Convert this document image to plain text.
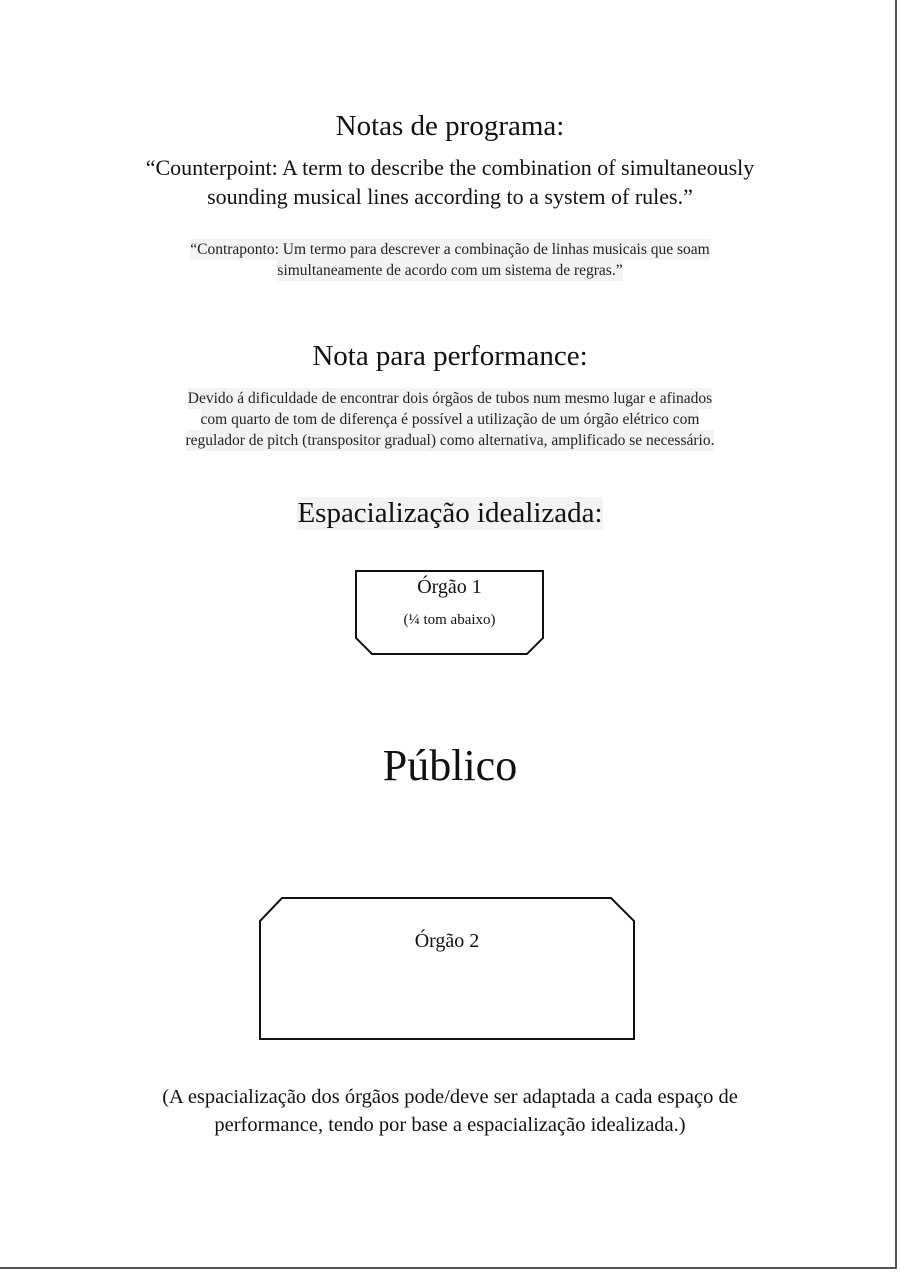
Notas de programa:
“Counterpoint: A term to describe the combination of simultaneously
sounding musical lines according to a system of rules.”
“Contraponto: Um termo para descrever a combinação de linhas musicais que soam
simultaneamente de acordo com um sistema de regras.”
Nota para performance:
Devido á dificuldade de encontrar dois órgãos de tubos num mesmo lugar e afinados
com quarto de tom de diferença é possível a utilização de um órgão elétrico com
regulador de pitch (transpositor gradual) como alternativa, amplificado se necessário.
Espacialização idealizada:
Órgão 1
(¼ tom abaixo)
Público
Órgão 2
(A espacialização dos órgãos pode/deve ser adaptada a cada espaço de
performance, tendo por base a espacialização idealizada.)
